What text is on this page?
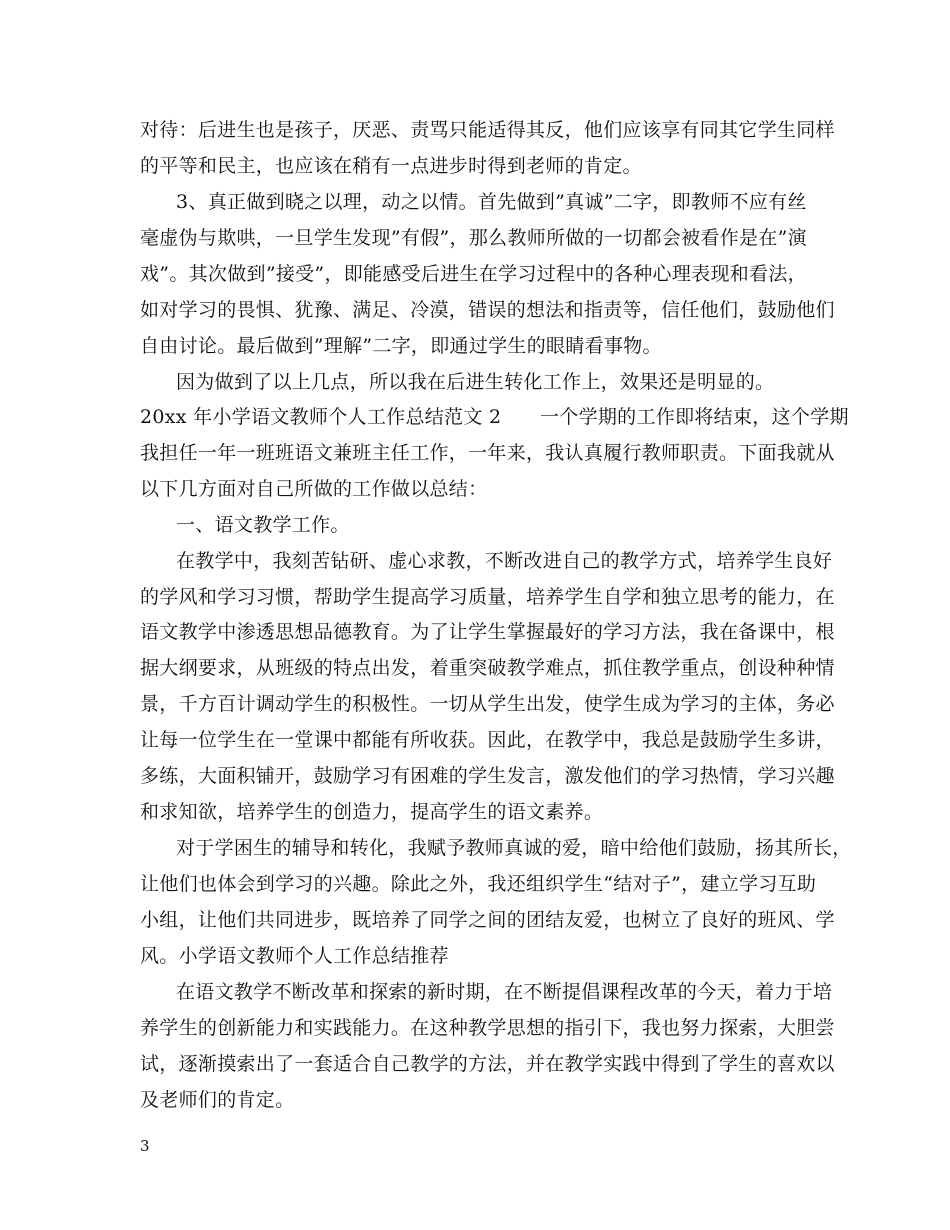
对待：后进生也是孩子，厌恶、责骂只能适得其反，他们应该享有同其它学生同样
的平等和民主，也应该在稍有一点进步时得到老师的肯定。
3、真正做到晓之以理，动之以情。首先做到”真诚”二字，即教师不应有丝
毫虚伪与欺哄，一旦学生发现”有假”，那么教师所做的一切都会被看作是在”演
戏”。其次做到”接受”，即能感受后进生在学习过程中的各种心理表现和看法，
如对学习的畏惧、犹豫、满足、冷漠，错误的想法和指责等，信任他们，鼓励他们
自由讨论。最后做到”理解”二字，即通过学生的眼睛看事物。
因为做到了以上几点，所以我在后进生转化工作上，效果还是明显的。
20xx 年小学语文教师个人工作总结范文 2　　一个学期的工作即将结束，这个学期
我担任一年一班班语文兼班主任工作，一年来，我认真履行教师职责。下面我就从
以下几方面对自己所做的工作做以总结：
一、语文教学工作。
在教学中，我刻苦钻研、虚心求教，不断改进自己的教学方式，培养学生良好
的学风和学习习惯，帮助学生提高学习质量，培养学生自学和独立思考的能力，在
语文教学中渗透思想品德教育。为了让学生掌握最好的学习方法，我在备课中，根
据大纲要求，从班级的特点出发，着重突破教学难点，抓住教学重点，创设种种情
景，千方百计调动学生的积极性。一切从学生出发，使学生成为学习的主体，务必
让每一位学生在一堂课中都能有所收获。因此，在教学中，我总是鼓励学生多讲，
多练，大面积铺开，鼓励学习有困难的学生发言，激发他们的学习热情，学习兴趣
和求知欲，培养学生的创造力，提高学生的语文素养。
对于学困生的辅导和转化，我赋予教师真诚的爱，暗中给他们鼓励，扬其所长，
让他们也体会到学习的兴趣。除此之外，我还组织学生“结对子”，建立学习互助
小组，让他们共同进步，既培养了同学之间的团结友爱，也树立了良好的班风、学
风。小学语文教师个人工作总结推荐
在语文教学不断改革和探索的新时期，在不断提倡课程改革的今天，着力于培
养学生的创新能力和实践能力。在这种教学思想的指引下，我也努力探索，大胆尝
试，逐渐摸索出了一套适合自己教学的方法，并在教学实践中得到了学生的喜欢以
及老师们的肯定。
3
